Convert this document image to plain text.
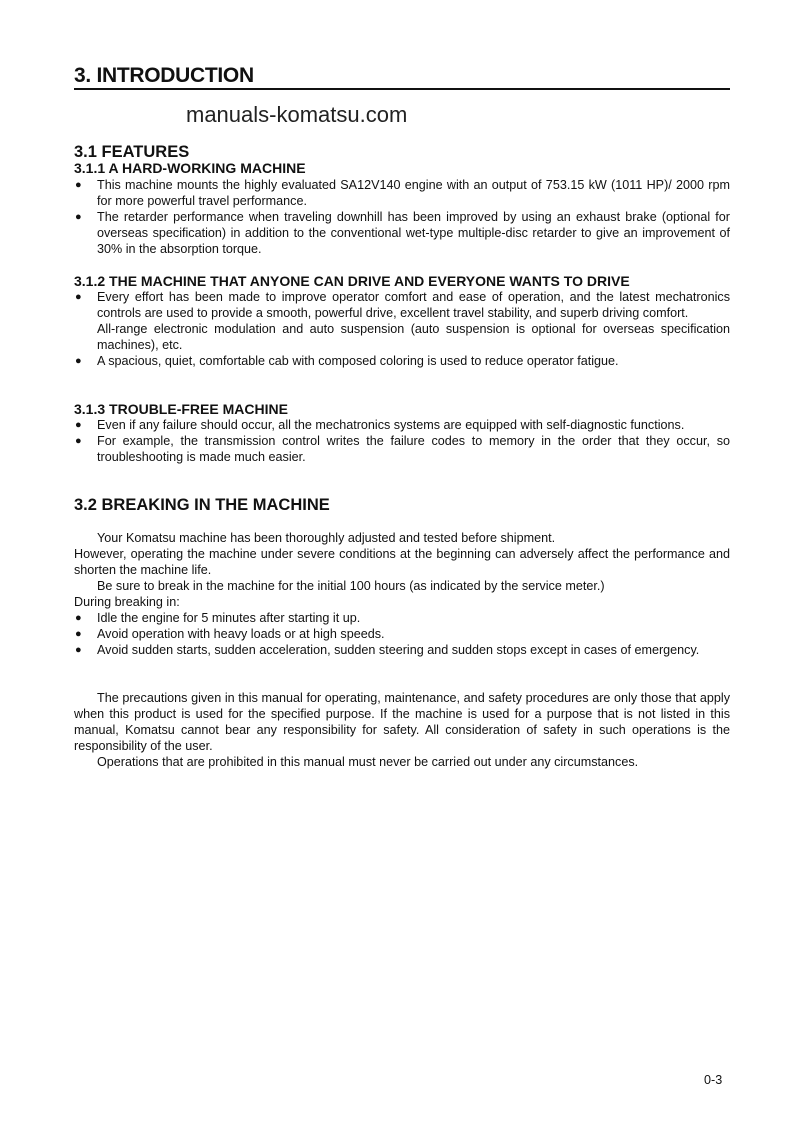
3. INTRODUCTION
manuals-komatsu.com
3.1 FEATURES
3.1.1 A HARD-WORKING MACHINE
● This machine mounts the highly evaluated SA12V140 engine with an output of 753.15 kW (1011 HP)/ 2000 rpm for more powerful travel performance.
● The retarder performance when traveling downhill has been improved by using an exhaust brake (optional for overseas specification) in addition to the conventional wet-type multiple-disc retarder to give an improvement of 30% in the absorption torque.
3.1.2 THE MACHINE THAT ANYONE CAN DRIVE AND EVERYONE WANTS TO DRIVE
● Every effort has been made to improve operator comfort and ease of operation, and the latest mechatronics controls are used to provide a smooth, powerful drive, excellent travel stability, and superb driving comfort.
All-range electronic modulation and auto suspension (auto suspension is optional for overseas specification machines), etc.
● A spacious, quiet, comfortable cab with composed coloring is used to reduce operator fatigue.
3.1.3 TROUBLE-FREE MACHINE
● Even if any failure should occur, all the mechatronics systems are equipped with self-diagnostic functions.
● For example, the transmission control writes the failure codes to memory in the order that they occur, so troubleshooting is made much easier.
3.2 BREAKING IN THE MACHINE
Your Komatsu machine has been thoroughly adjusted and tested before shipment.
However, operating the machine under severe conditions at the beginning can adversely affect the performance and shorten the machine life.
Be sure to break in the machine for the initial 100 hours (as indicated by the service meter.)
During breaking in:
● Idle the engine for 5 minutes after starting it up.
● Avoid operation with heavy loads or at high speeds.
● Avoid sudden starts, sudden acceleration, sudden steering and sudden stops except in cases of emergency.
The precautions given in this manual for operating, maintenance, and safety procedures are only those that apply when this product is used for the specified purpose. If the machine is used for a purpose that is not listed in this manual, Komatsu cannot bear any responsibility for safety. All consideration of safety in such operations is the responsibility of the user.
Operations that are prohibited in this manual must never be carried out under any circumstances.
0-3
